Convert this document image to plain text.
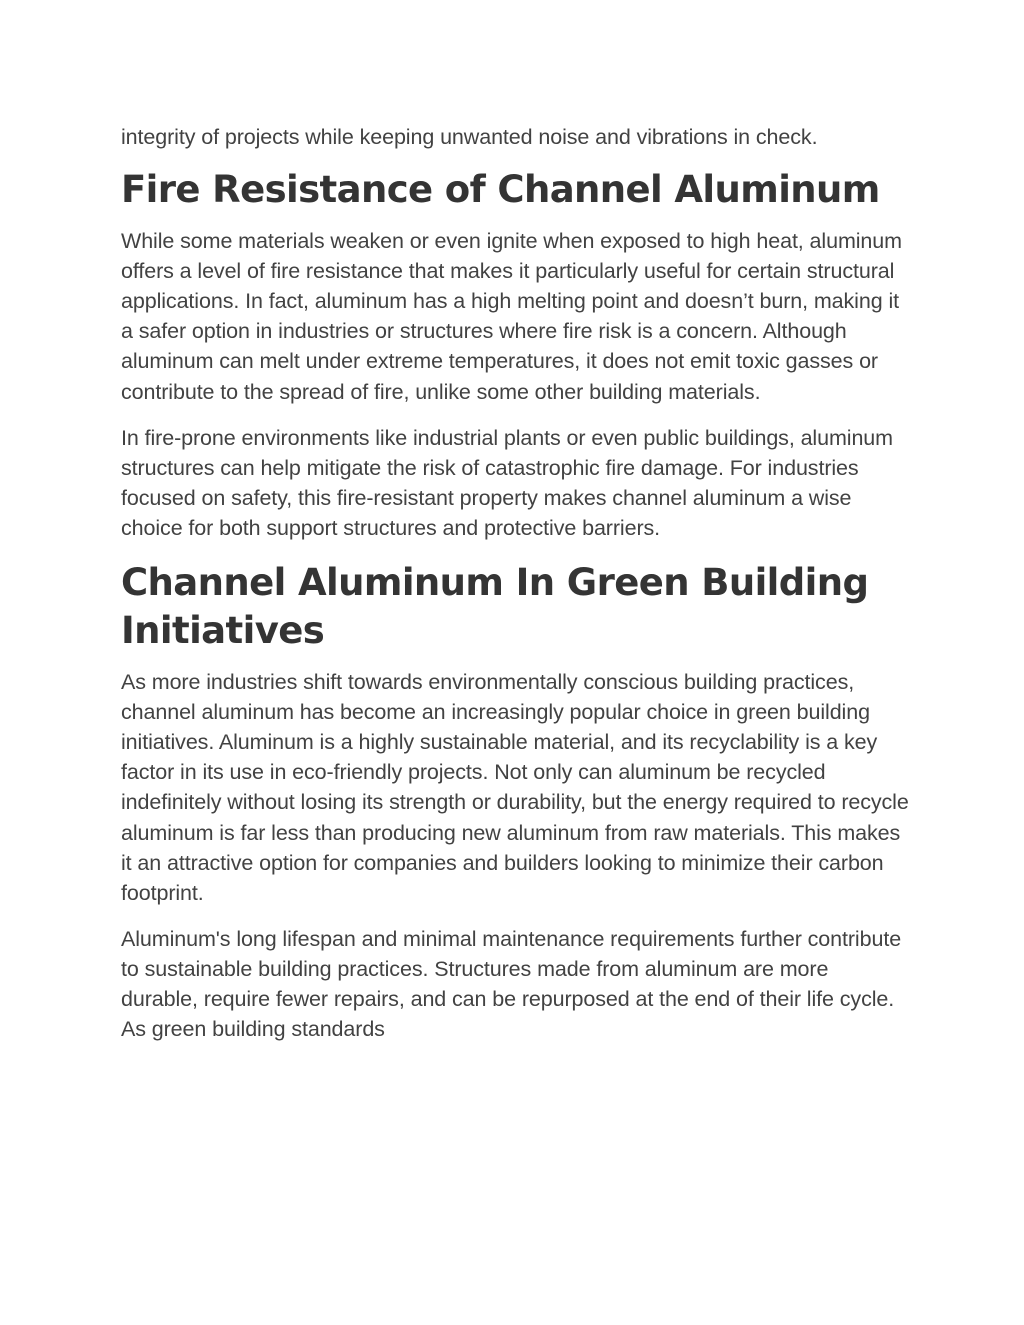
integrity of projects while keeping unwanted noise and vibrations in check.

Fire Resistance of Channel Aluminum

While some materials weaken or even ignite when exposed to high heat, aluminum offers a level of fire resistance that makes it particularly useful for certain structural applications. In fact, aluminum has a high melting point and doesn’t burn, making it a safer option in industries or structures where fire risk is a concern. Although aluminum can melt under extreme temperatures, it does not emit toxic gasses or contribute to the spread of fire, unlike some other building materials.

In fire-prone environments like industrial plants or even public buildings, aluminum structures can help mitigate the risk of catastrophic fire damage. For industries focused on safety, this fire-resistant property makes channel aluminum a wise choice for both support structures and protective barriers.

Channel Aluminum In Green Building Initiatives

As more industries shift towards environmentally conscious building practices, channel aluminum has become an increasingly popular choice in green building initiatives. Aluminum is a highly sustainable material, and its recyclability is a key factor in its use in eco-friendly projects. Not only can aluminum be recycled indefinitely without losing its strength or durability, but the energy required to recycle aluminum is far less than producing new aluminum from raw materials. This makes it an attractive option for companies and builders looking to minimize their carbon footprint.

Aluminum's long lifespan and minimal maintenance requirements further contribute to sustainable building practices. Structures made from aluminum are more durable, require fewer repairs, and can be repurposed at the end of their life cycle. As green building standards
